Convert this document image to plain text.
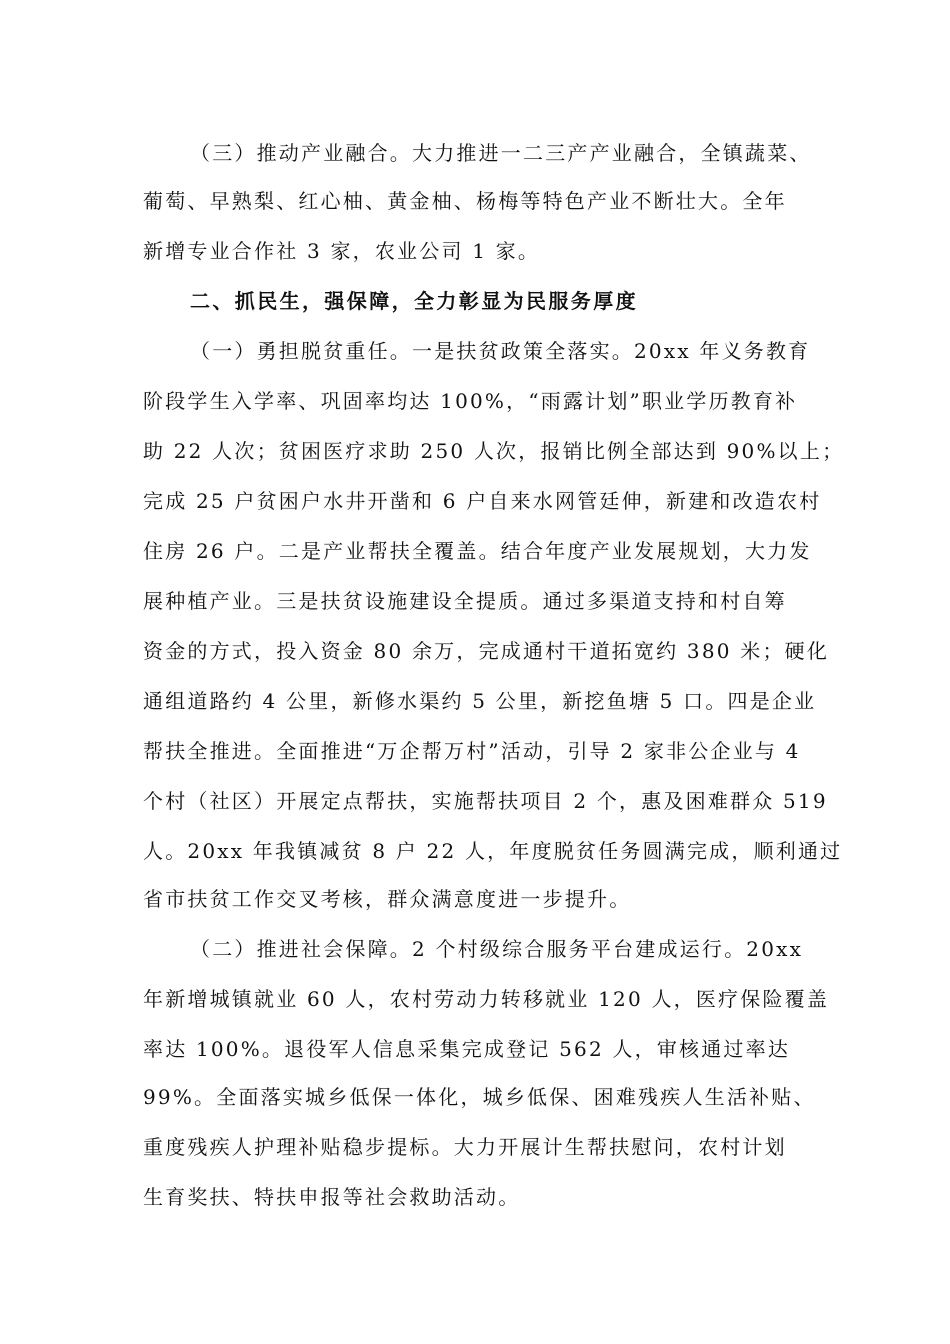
（三）推动产业融合。大力推进一二三产产业融合，全镇蔬菜、
葡萄、早熟梨、红心柚、黄金柚、杨梅等特色产业不断壮大。全年
新增专业合作社 3 家，农业公司 1 家。
二、抓民生，强保障，全力彰显为民服务厚度
（一）勇担脱贫重任。一是扶贫政策全落实。20xx 年义务教育
阶段学生入学率、巩固率均达 100%，“雨露计划”职业学历教育补
助 22 人次；贫困医疗求助 250 人次，报销比例全部达到 90%以上；
完成 25 户贫困户水井开凿和 6 户自来水网管廷伸，新建和改造农村
住房 26 户。二是产业帮扶全覆盖。结合年度产业发展规划，大力发
展种植产业。三是扶贫设施建设全提质。通过多渠道支持和村自筹
资金的方式，投入资金 80 余万，完成通村干道拓宽约 380 米；硬化
通组道路约 4 公里，新修水渠约 5 公里，新挖鱼塘 5 口。四是企业
帮扶全推进。全面推进“万企帮万村”活动，引导 2 家非公企业与 4
个村（社区）开展定点帮扶，实施帮扶项目 2 个，惠及困难群众 519
人。20xx 年我镇减贫 8 户 22 人，年度脱贫任务圆满完成，顺利通过
省市扶贫工作交叉考核，群众满意度进一步提升。
（二）推进社会保障。2 个村级综合服务平台建成运行。20xx
年新增城镇就业 60 人，农村劳动力转移就业 120 人，医疗保险覆盖
率达 100%。退役军人信息采集完成登记 562 人，审核通过率达
99%。全面落实城乡低保一体化，城乡低保、困难残疾人生活补贴、
重度残疾人护理补贴稳步提标。大力开展计生帮扶慰问，农村计划
生育奖扶、特扶申报等社会救助活动。
